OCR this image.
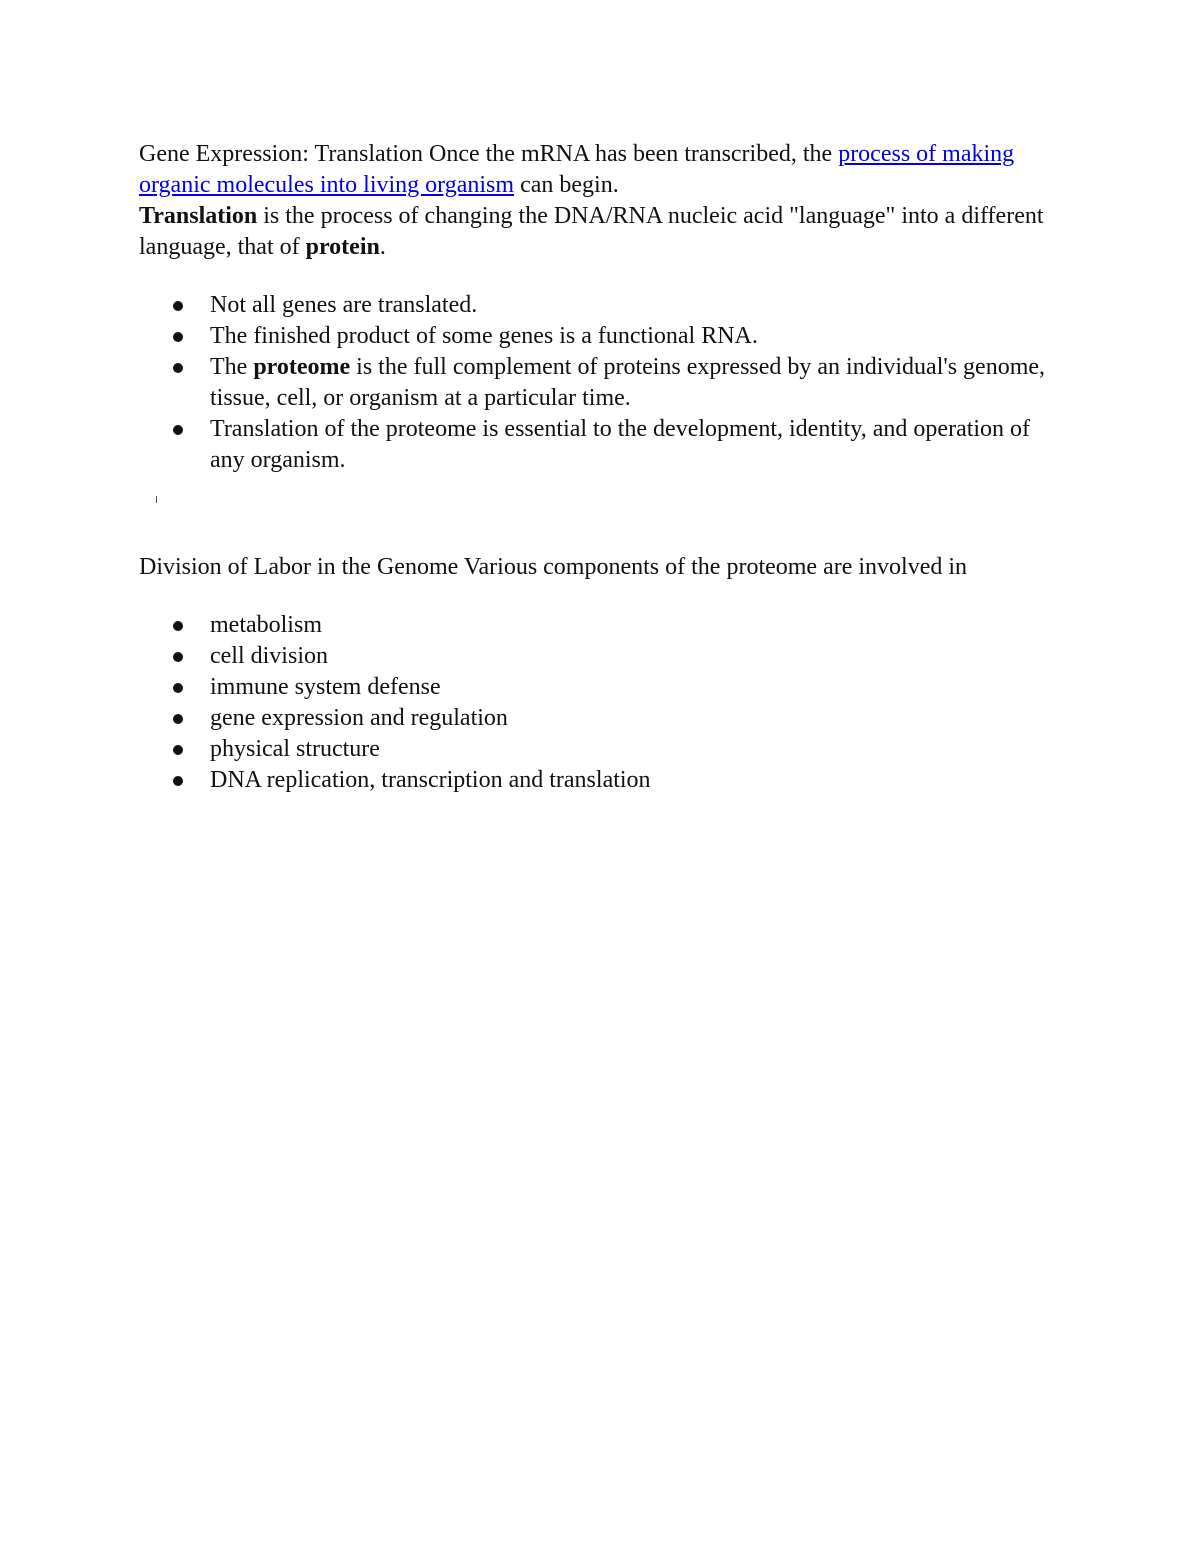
Gene Expression: Translation Once the mRNA has been transcribed, the process of making organic molecules into living organism can begin.
Translation is the process of changing the DNA/RNA nucleic acid "language" into a different language, that of protein.

Not all genes are translated.
The finished product of some genes is a functional RNA.
The proteome is the full complement of proteins expressed by an individual's genome, tissue, cell, or organism at a particular time.
Translation of the proteome is essential to the development, identity, and operation of any organism.

Division of Labor in the Genome Various components of the proteome are involved in

metabolism
cell division
immune system defense
gene expression and regulation
physical structure
DNA replication, transcription and translation
